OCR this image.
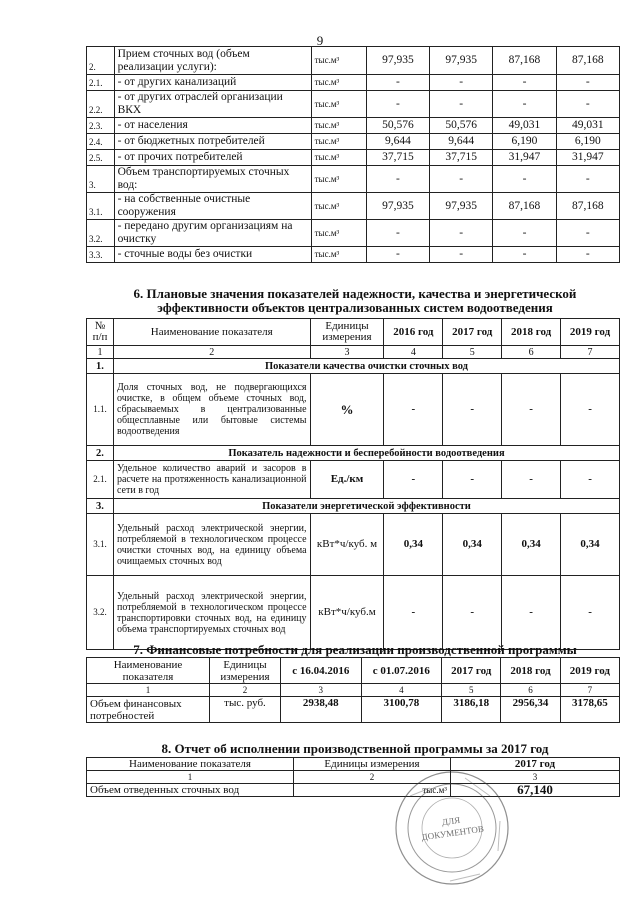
9
2.	Прием сточных вод (объем реализации услуги):	тыс.м³	97,935	97,935	87,168	87,168
2.1.	- от других канализаций	тыс.м³	-	-	-	-
2.2.	- от других отраслей организации ВКХ	тыс.м³	-	-	-	-
2.3.	- от населения	тыс.м³	50,576	50,576	49,031	49,031
2.4.	- от бюджетных потребителей	тыс.м³	9,644	9,644	6,190	6,190
2.5.	- от прочих потребителей	тыс.м³	37,715	37,715	31,947	31,947
3.	Объем транспортируемых сточных вод:	тыс.м³	-	-	-	-
3.1.	- на собственные очистные сооружения	тыс.м³	97,935	97,935	87,168	87,168
3.2.	- передано другим организациям на очистку	тыс.м³	-	-	-	-
3.3.	- сточные воды без очистки	тыс.м³	-	-	-	-
6. Плановые значения показателей надежности, качества и энергетической
эффективности объектов централизованных систем водоотведения
№ п/п	Наименование показателя	Единицы измерения	2016 год	2017 год	2018 год	2019 год
1	2	3	4	5	6	7
1.	Показатели качества очистки сточных вод					
1.1.	Доля сточных вод, не подвергающихся очистке, в общем объеме сточных вод, сбрасываемых в централизованные общесплавные или бытовые системы водоотведения	%	-	-	-	-
2.	Показатель надежности и бесперебойности водоотведения					
2.1.	Удельное количество аварий и засоров в расчете на протяженность канализационной сети в год	Ед./км	-	-	-	-
3.	Показатели энергетической эффективности					
3.1.	Удельный расход электрической энергии, потребляемой в технологическом процессе очистки сточных вод, на единицу объема очищаемых сточных вод	кВт*ч/куб. м	0,34	0,34	0,34	0,34
3.2.	Удельный расход электрической энергии, потребляемой в технологическом процессе транспортировки сточных вод, на единицу объема транспортируемых сточных вод	кВт*ч/куб.м	-	-	-	-
7. Финансовые потребности для реализации производственной программы
Наименование показателя	Единицы измерения	с 16.04.2016	с 01.07.2016	2017 год	2018 год	2019 год
1	2	3	4	5	6	7
Объем финансовых потребностей	тыс. руб.	2938,48	3100,78	3186,18	2956,34	3178,65
8. Отчет об исполнении производственной программы за 2017 год
Наименование показателя	Единицы измерения	2017 год
1	2	3
Объем отведенных сточных вод	тыс.м³	67,140
ДЛЯ
ДОКУМЕНТОВ
